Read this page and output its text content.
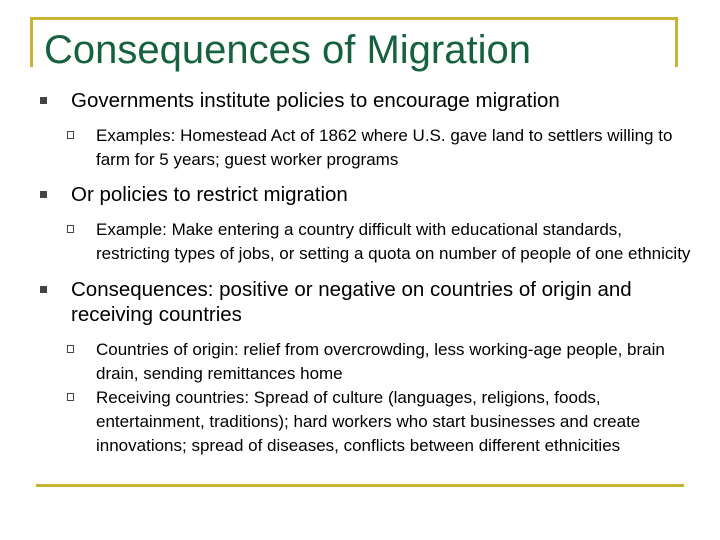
Consequences of Migration
Governments institute policies to encourage migration
Examples: Homestead Act of 1862 where U.S. gave land to settlers willing to farm for 5 years; guest worker programs
Or policies to restrict migration
Example: Make entering a country difficult with educational standards, restricting types of jobs, or setting a quota on number of people of one ethnicity
Consequences: positive or negative on countries of origin and receiving countries
Countries of origin: relief from overcrowding, less working-age people, brain drain, sending remittances home
Receiving countries: Spread of culture (languages, religions, foods, entertainment, traditions); hard workers who start businesses and create innovations; spread of diseases, conflicts between different ethnicities
